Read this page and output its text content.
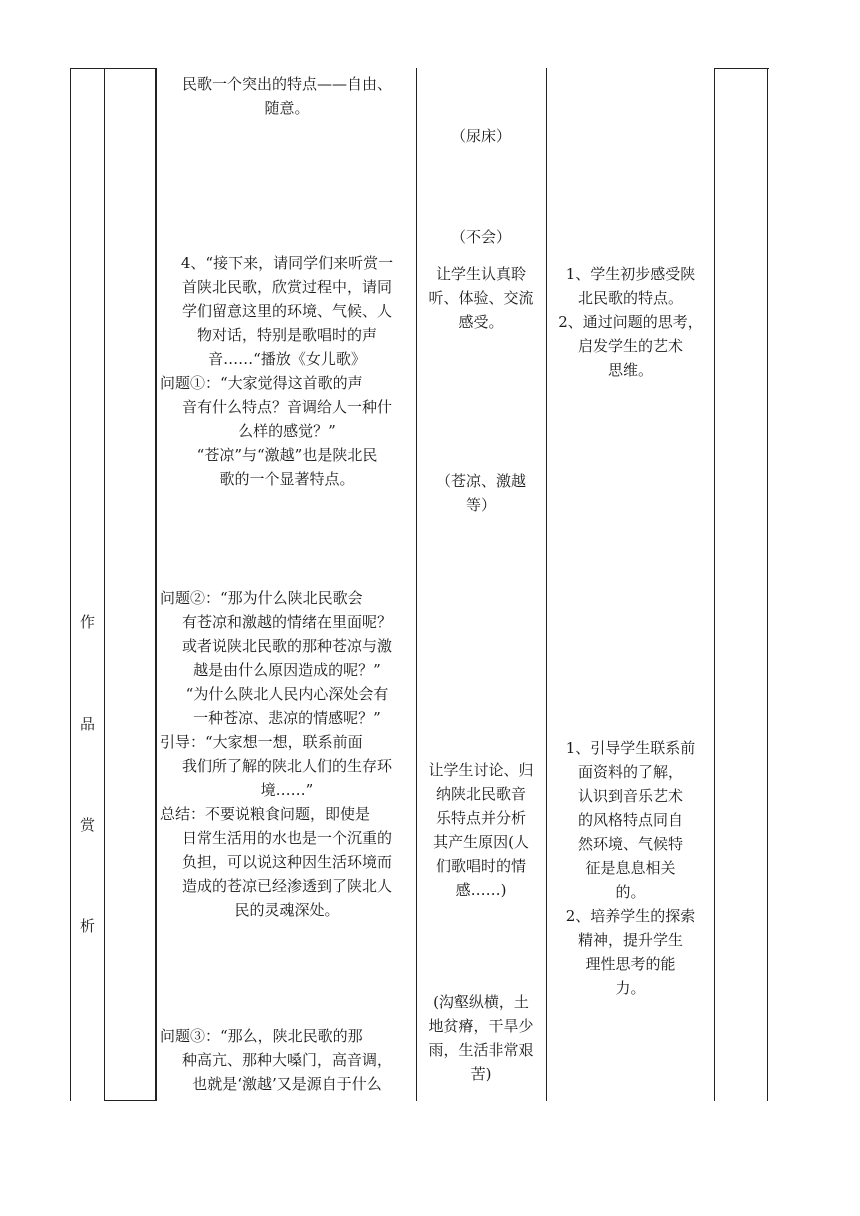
作
品
赏
析
民歌一个突出的特点——自由、
随意。
4、“接下来，请同学们来听赏一
首陕北民歌，欣赏过程中，请同
学们留意这里的环境、气候、人
物对话，特别是歌唱时的声
音……“播放《女儿歌》
问题①：“大家觉得这首歌的声
音有什么特点？音调给人一种什
么样的感觉？”
“苍凉”与“激越”也是陕北民
歌的一个显著特点。
问题②：“那为什么陕北民歌会
有苍凉和激越的情绪在里面呢？
或者说陕北民歌的那种苍凉与激
越是由什么原因造成的呢？”
“为什么陕北人民内心深处会有
一种苍凉、悲凉的情感呢？”
引导：“大家想一想，联系前面
我们所了解的陕北人们的生存环
境……”
总结：不要说粮食问题，即使是
日常生活用的水也是一个沉重的
负担，可以说这种因生活环境而
造成的苍凉已经渗透到了陕北人
民的灵魂深处。
问题③：“那么，陕北民歌的那
种高亢、那种大嗓门，高音调，
也就是‘激越’又是源自于什么
（尿床）
（不会）
让学生认真聆
听、体验、交流
感受。
（苍凉、激越
等）
让学生讨论、归
纳陕北民歌音
乐特点并分析
其产生原因(人
们歌唱时的情
感……)
(沟壑纵横，土
地贫瘠，干旱少
雨，生活非常艰
苦)
1、学生初步感受陕
北民歌的特点。
2、通过问题的思考，
启发学生的艺术
思维。
1、引导学生联系前
面资料的了解，
认识到音乐艺术
的风格特点同自
然环境、气候特
征是息息相关
的。
2、培养学生的探索
精神，提升学生
理性思考的能
力。
